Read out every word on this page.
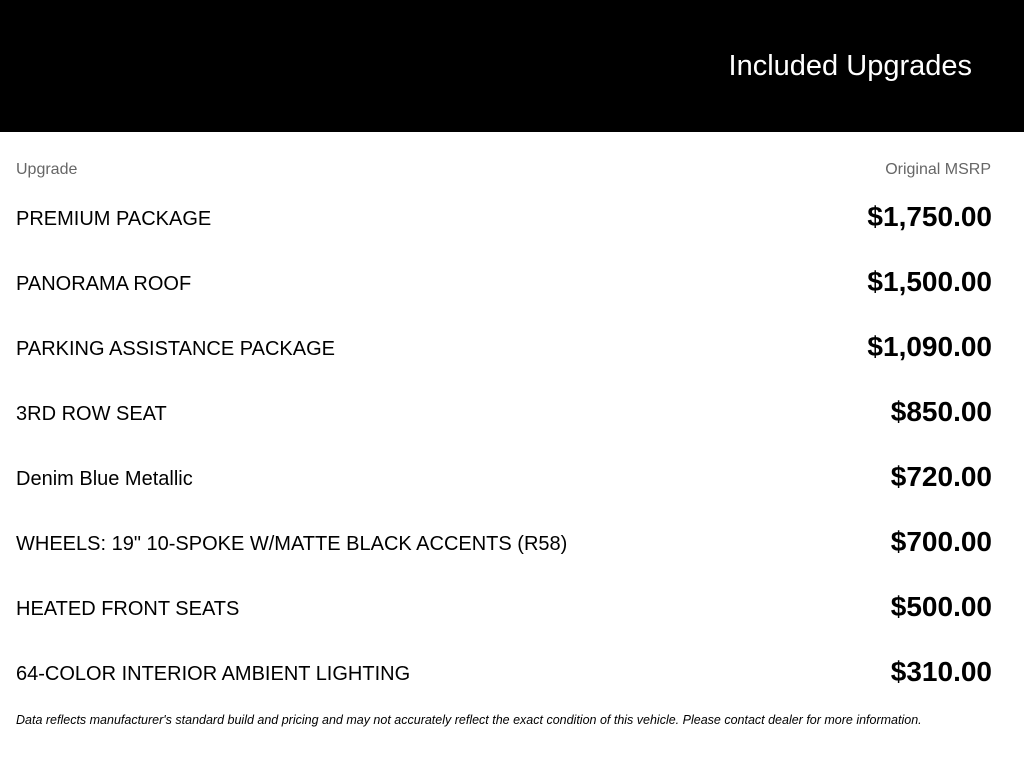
Included Upgrades
Upgrade	Original MSRP
PREMIUM PACKAGE	$1,750.00
PANORAMA ROOF	$1,500.00
PARKING ASSISTANCE PACKAGE	$1,090.00
3RD ROW SEAT	$850.00
Denim Blue Metallic	$720.00
WHEELS: 19" 10-SPOKE W/MATTE BLACK ACCENTS (R58)	$700.00
HEATED FRONT SEATS	$500.00
64-COLOR INTERIOR AMBIENT LIGHTING	$310.00
Data reflects manufacturer's standard build and pricing and may not accurately reflect the exact condition of this vehicle. Please contact dealer for more information.
